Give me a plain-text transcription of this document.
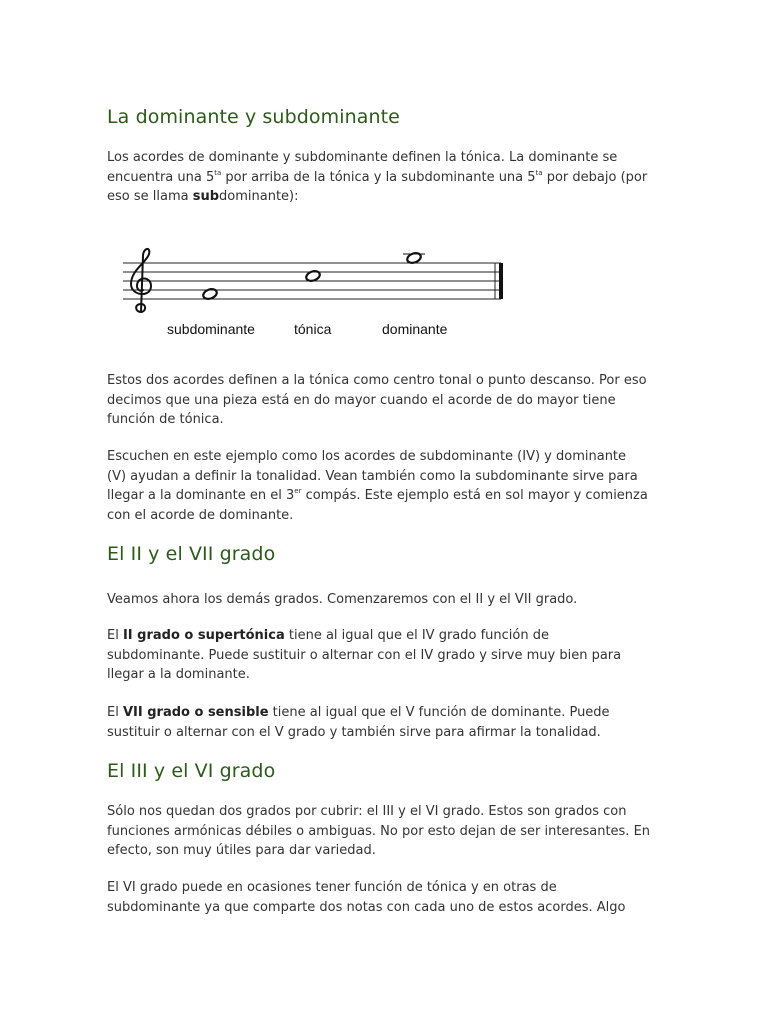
La dominante y subdominante

Los acordes de dominante y subdominante definen la tónica. La dominante se

encuentra una $5^{ta}$ por arriba de la tónica y la subdominante una $5^{ta}$ por debajo (por

eso se llama subdominante):

subdominante	tónica	dominante

Estos dos acordes definen a la tónica como centro tonal o punto descanso. Por eso

decimos que una pieza está en do mayor cuando el acorde de do mayor tiene

función de tónica.

Escuchen en este ejemplo como los acordes de subdominante (IV) y dominante

(V) ayudan a definir la tonalidad. Vean también como la subdominante sirve para

llegar a la dominante en el 3er compás. Este ejemplo está en sol mayor y comienza

con el acorde de dominante.

El II y el VII grado

Veamos ahora los demás grados. Comenzaremos con el II y el VII grado.

El II grado o supertónica tiene al igual que el IV grado función de

subdominante. Puede sustituir o alternar con el IV grado y sirve muy bien para

llegar a la dominante.

El VII grado o sensible tiene al igual que el V función de dominante. Puede

sustituir o alternar con el V grado y también sirve para afirmar la tonalidad.

El III y el VI grado

Sólo nos quedan dos grados por cubrir: el III y el VI grado. Estos son grados con

funciones armónicas débiles o ambiguas. No por esto dejan de ser interesantes. En

efecto, son muy útiles para dar variedad.

El VI grado puede en ocasiones tener función de tónica y en otras de

subdominante ya que comparte dos notas con cada uno de estos acordes. Algo
